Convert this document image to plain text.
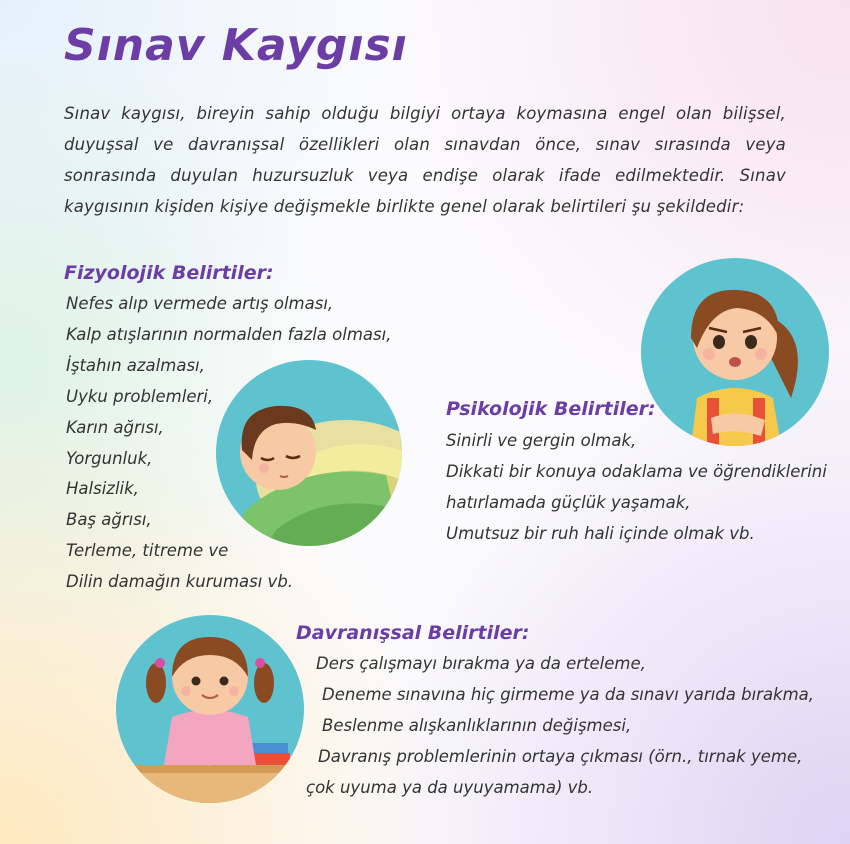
Sınav Kaygısı
Sınav kaygısı, bireyin sahip olduğu bilgiyi ortaya koymasına engel olan bilişsel, duyuşsal ve davranışsal özellikleri olan sınavdan önce, sınav sırasında veya sonrasında duyulan huzursuzluk veya endişe olarak ifade edilmektedir. Sınav kaygısının kişiden kişiye değişmekle birlikte genel olarak belirtileri şu şekildedir:
Fizyolojik Belirtiler:
Nefes alıp vermede artış olması,
Kalp atışlarının normalden fazla olması,
İştahın azalması,
Uyku problemleri,
Karın ağrısı,
Yorgunluk,
Halsizlik,
Baş ağrısı,
Terleme, titreme ve
Dilin damağın kuruması vb.
Psikolojik Belirtiler:
Sinirli ve gergin olmak,
Dikkati bir konuya odaklama ve öğrendiklerini
hatırlamada güçlük yaşamak,
Umutsuz bir ruh hali içinde olmak vb.
Davranışsal Belirtiler:
Ders çalışmayı bırakma ya da erteleme,
Deneme sınavına hiç girmeme ya da sınavı yarıda bırakma,
Beslenme alışkanlıklarının değişmesi,
Davranış problemlerinin ortaya çıkması (örn., tırnak yeme,
çok uyuma ya da uyuyamama) vb.
